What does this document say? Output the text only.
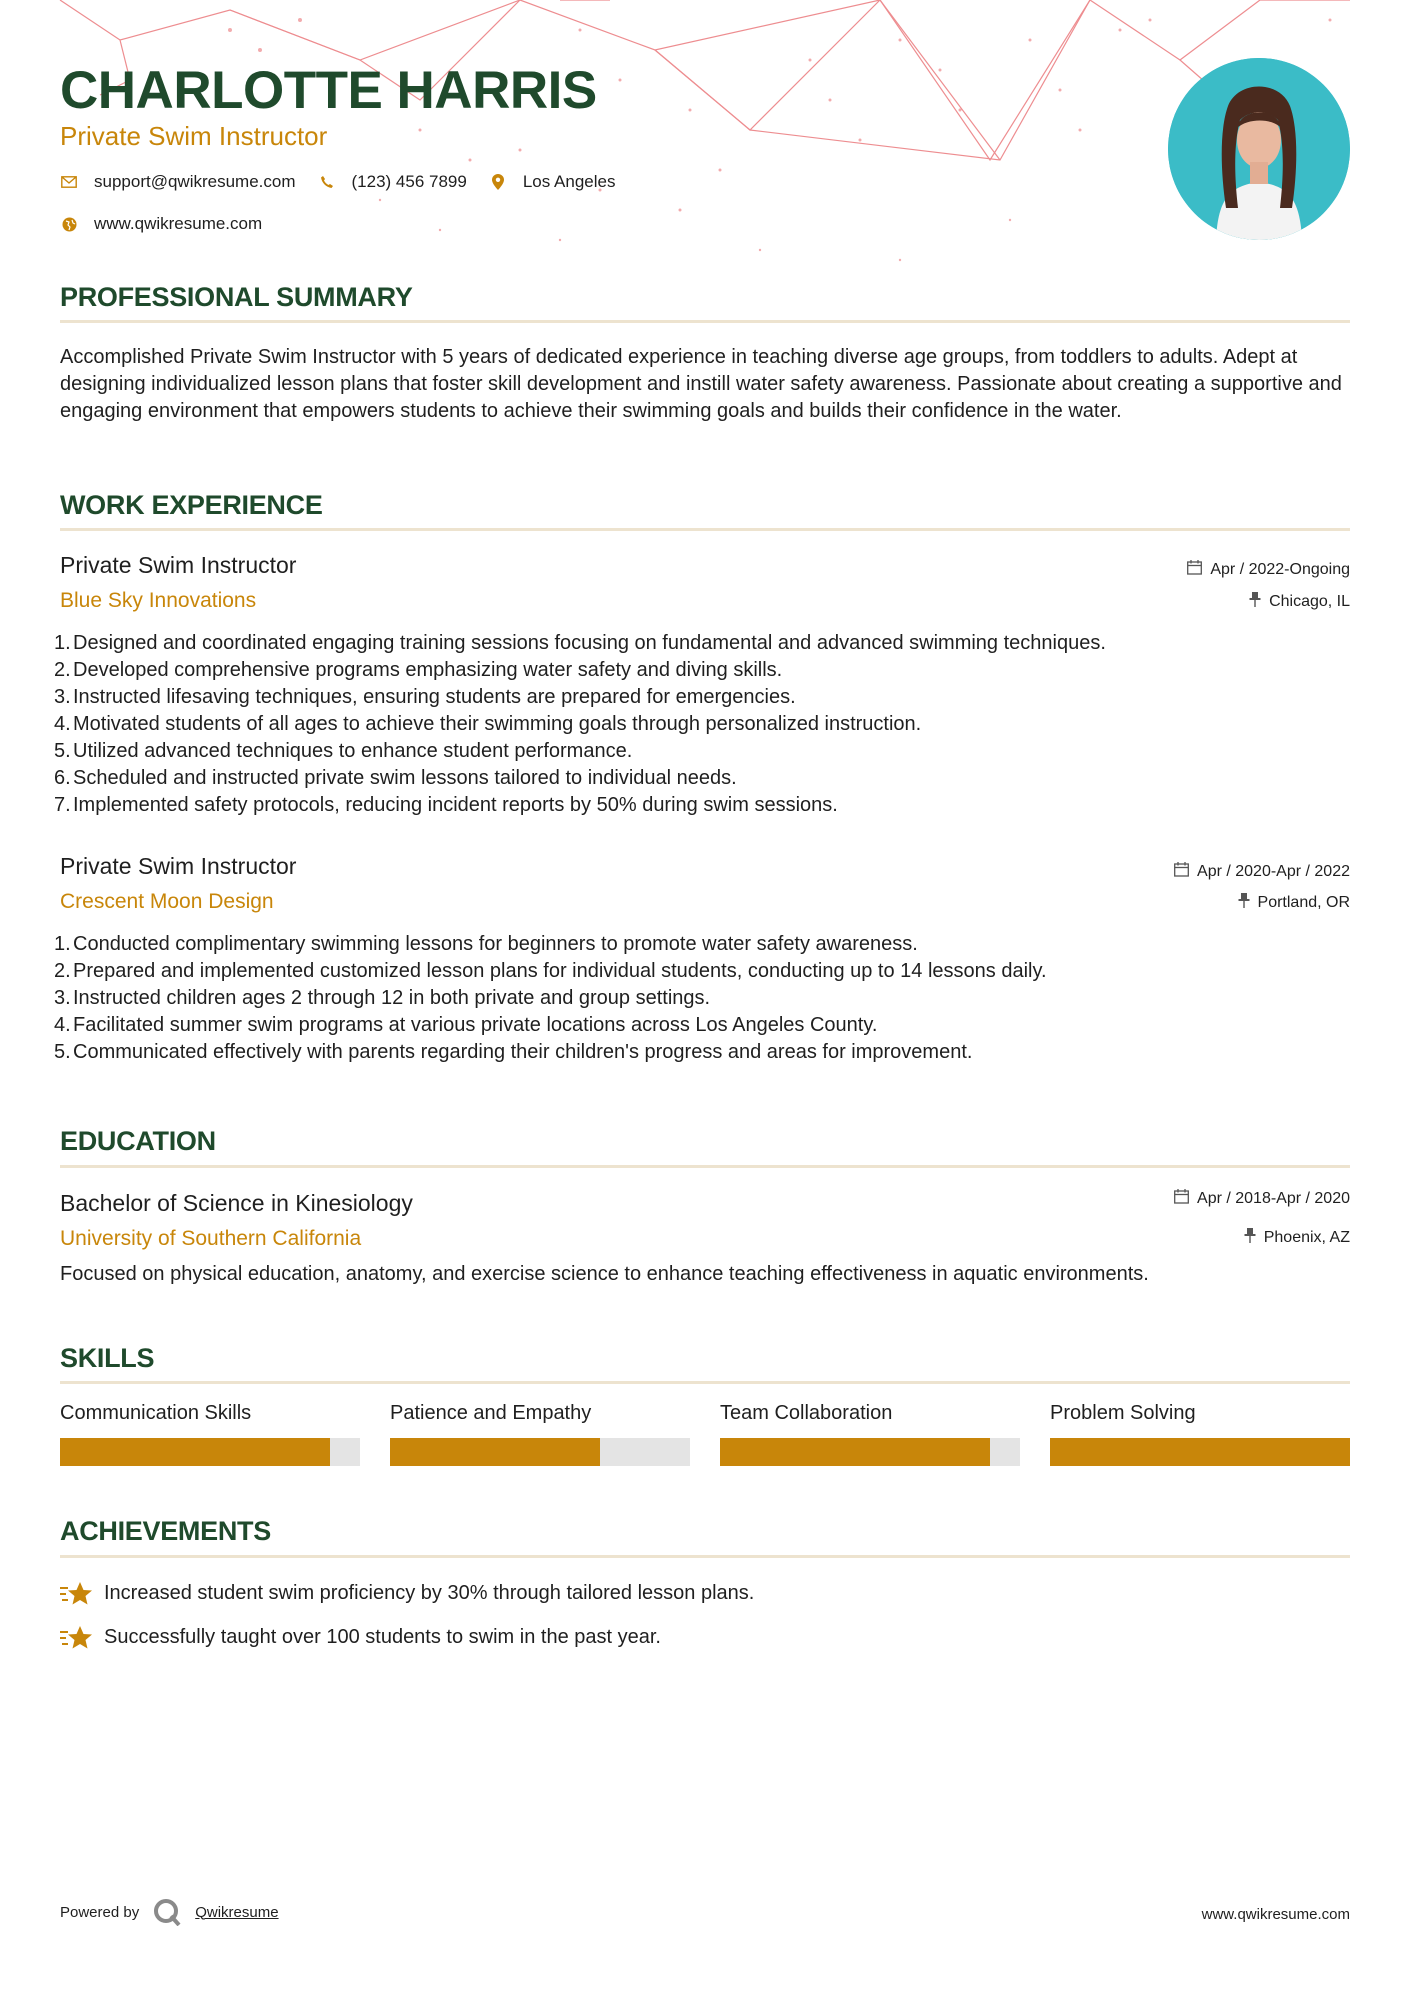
CHARLOTTE HARRIS
Private Swim Instructor
support@qwikresume.com	(123) 456 7899	Los Angeles
www.qwikresume.com
PROFESSIONAL SUMMARY
Accomplished Private Swim Instructor with 5 years of dedicated experience in teaching diverse age groups, from toddlers to adults. Adept at designing individualized lesson plans that foster skill development and instill water safety awareness. Passionate about creating a supportive and engaging environment that empowers students to achieve their swimming goals and builds their confidence in the water.
WORK EXPERIENCE
Private Swim Instructor	Apr / 2022-Ongoing
Blue Sky Innovations	Chicago, IL
1. Designed and coordinated engaging training sessions focusing on fundamental and advanced swimming techniques.
2. Developed comprehensive programs emphasizing water safety and diving skills.
3. Instructed lifesaving techniques, ensuring students are prepared for emergencies.
4. Motivated students of all ages to achieve their swimming goals through personalized instruction.
5. Utilized advanced techniques to enhance student performance.
6. Scheduled and instructed private swim lessons tailored to individual needs.
7. Implemented safety protocols, reducing incident reports by 50% during swim sessions.
Private Swim Instructor	Apr / 2020-Apr / 2022
Crescent Moon Design	Portland, OR
1. Conducted complimentary swimming lessons for beginners to promote water safety awareness.
2. Prepared and implemented customized lesson plans for individual students, conducting up to 14 lessons daily.
3. Instructed children ages 2 through 12 in both private and group settings.
4. Facilitated summer swim programs at various private locations across Los Angeles County.
5. Communicated effectively with parents regarding their children's progress and areas for improvement.
EDUCATION
Bachelor of Science in Kinesiology	Apr / 2018-Apr / 2020
University of Southern California	Phoenix, AZ
Focused on physical education, anatomy, and exercise science to enhance teaching effectiveness in aquatic environments.
SKILLS
Communication Skills	Patience and Empathy	Team Collaboration	Problem Solving
ACHIEVEMENTS
Increased student swim proficiency by 30% through tailored lesson plans.
Successfully taught over 100 students to swim in the past year.
Powered by	Qwikresume	www.qwikresume.com
